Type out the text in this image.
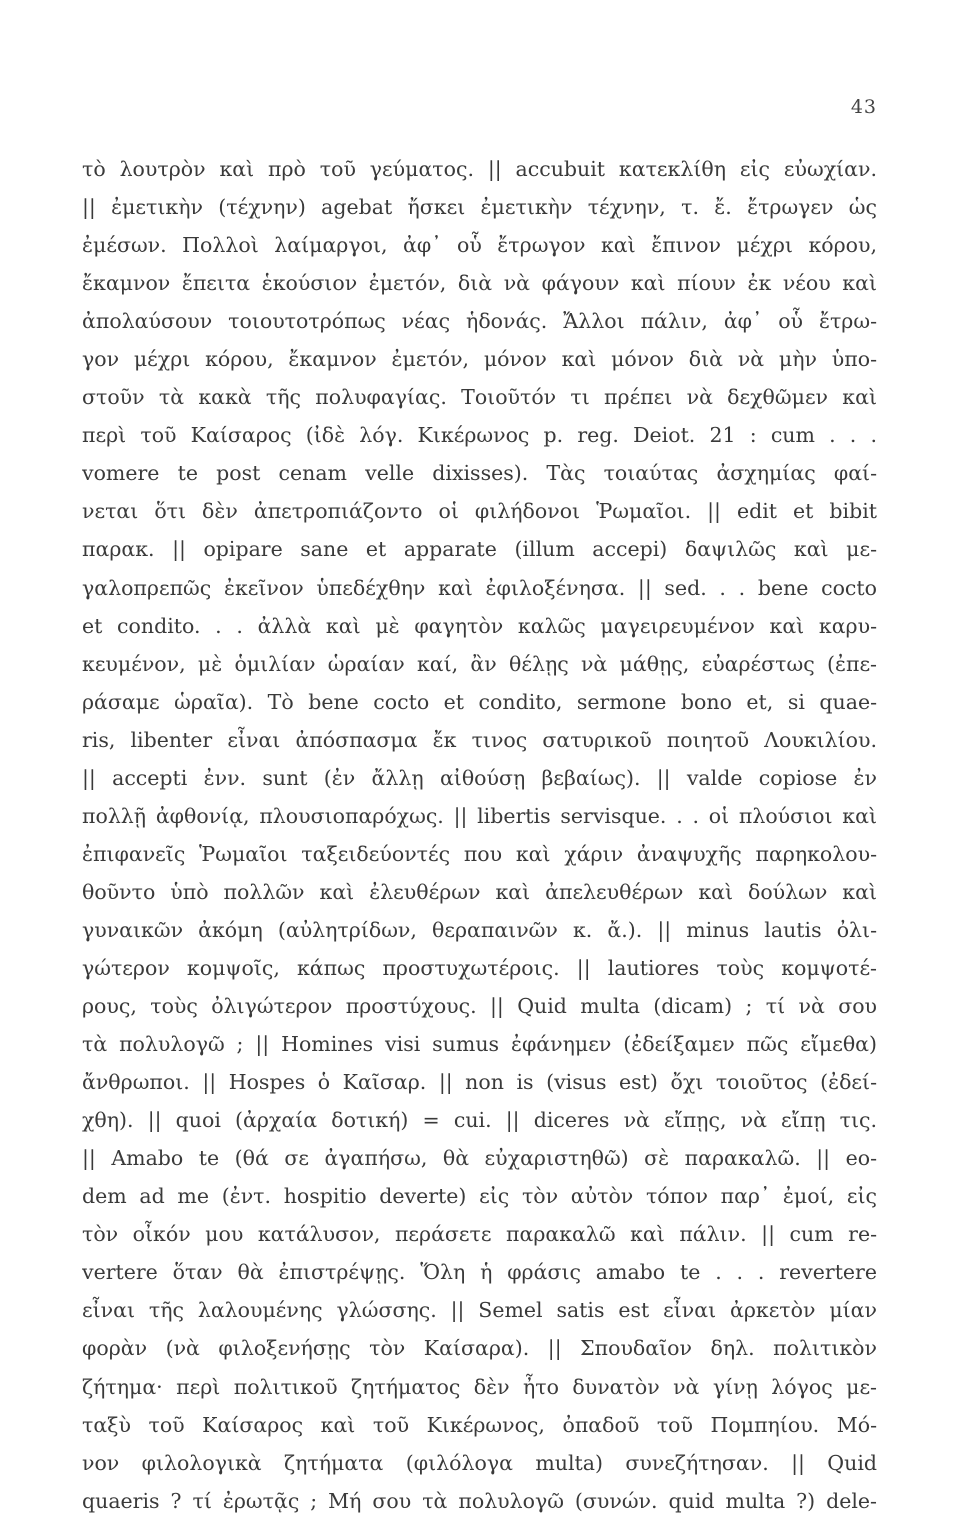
43
τὸ λουτρὸν καὶ πρὸ τοῦ γεύματος. || accubuit κατεκλίθη εἰς εὐωχίαν.
|| ἐμετικὴν (τέχνην) agebat ἤσκει ἐμετικὴν τέχνην, τ. ἔ. ἔτρωγεν ὡς
ἐμέσων. Πολλοὶ λαίμαργοι, ἀφ᾽ οὗ ἔτρωγον καὶ ἔπινον μέχρι κόρου,
ἔκαμνον ἔπειτα ἑκούσιον ἐμετόν, διὰ νὰ φάγουν καὶ πίουν ἐκ νέου καὶ
ἀπολαύσουν τοιουτοτρόπως νέας ἡδονάς. Ἄλλοι πάλιν, ἀφ᾽ οὗ ἔτρω-
γον μέχρι κόρου, ἔκαμνον ἐμετόν, μόνον καὶ μόνον διὰ νὰ μὴν ὑπο-
στοῦν τὰ κακὰ τῆς πολυφαγίας. Τοιοῦτόν τι πρέπει νὰ δεχθῶμεν καὶ
περὶ τοῦ Καίσαρος (ἰδὲ λόγ. Κικέρωνος p. reg. Deiot. 21 : cum . . .
vomere te post cenam velle dixisses). Τὰς τοιαύτας ἀσχημίας φαί-
νεται ὅτι δὲν ἀπετροπιάζοντο οἱ φιλήδονοι Ῥωμαῖοι. || edit et bibit
παρακ. || opipare sane et apparate (illum accepi) δαψιλῶς καὶ με-
γαλοπρεπῶς ἐκεῖνον ὑπεδέχθην καὶ ἐφιλοξένησα. || sed. . . bene cocto
et condito. . . ἀλλὰ καὶ μὲ φαγητὸν καλῶς μαγειρευμένον καὶ καρυ-
κευμένον, μὲ ὁμιλίαν ὡραίαν καί, ἂν θέλῃς νὰ μάθῃς, εὐαρέστως (ἐπε-
ράσαμε ὡραῖα). Τὸ bene cocto et condito, sermone bono et, si quae-
ris, libenter εἶναι ἀπόσπασμα ἔκ τινος σατυρικοῦ ποιητοῦ Λουκιλίου.
|| accepti ἐνν. sunt (ἐν ἄλλῃ αἰθούσῃ βεβαίως). || valde copiose ἐν
πολλῇ ἀφθονίᾳ, πλουσιοπαρόχως. || libertis servisque. . . οἱ πλούσιοι καὶ
ἐπιφανεῖς Ῥωμαῖοι ταξειδεύοντές που καὶ χάριν ἀναψυχῆς παρηκολου-
θοῦντο ὑπὸ πολλῶν καὶ ἐλευθέρων καὶ ἀπελευθέρων καὶ δούλων καὶ
γυναικῶν ἀκόμη (αὐλητρίδων, θεραπαινῶν κ. ἄ.). || minus lautis ὀλι-
γώτερον κομψοῖς, κάπως προστυχωτέροις. || lautiores τοὺς κομψοτέ-
ρους, τοὺς ὀλιγώτερον προστύχους. || Quid multa (dicam) ; τί νὰ σου
τὰ πολυλογῶ ; || Homines visi sumus ἐφάνημεν (ἐδείξαμεν πῶς εἴμεθα)
ἄνθρωποι. || Hospes ὁ Καῖσαρ. || non is (visus est) ὄχι τοιοῦτος (ἐδεί-
χθη). || quoi (ἀρχαία δοτική) = cui. || diceres νὰ εἴπῃς, νὰ εἴπῃ τις.
|| Amabo te (θά σε ἀγαπήσω, θὰ εὐχαριστηθῶ) σὲ παρακαλῶ. || eo-
dem ad me (ἐντ. hospitio deverte) εἰς τὸν αὐτὸν τόπον παρ᾽ ἐμοί, εἰς
τὸν οἶκόν μου κατάλυσον, περάσετε παρακαλῶ καὶ πάλιν. || cum re-
vertere ὅταν θὰ ἐπιστρέψῃς. Ὅλη ἡ φράσις amabo te . . . revertere
εἶναι τῆς λαλουμένης γλώσσης. || Semel satis est εἶναι ἀρκετὸν μίαν
φορὰν (νὰ φιλοξενήσῃς τὸν Καίσαρα). || Σπουδαῖον δηλ. πολιτικὸν
ζήτημα· περὶ πολιτικοῦ ζητήματος δὲν ἦτο δυνατὸν νὰ γίνῃ λόγος με-
ταξὺ τοῦ Καίσαρος καὶ τοῦ Κικέρωνος, ὀπαδοῦ τοῦ Πομπηίου. Μό-
νον φιλολογικὰ ζητήματα (φιλόλογα multa) συνεζήτησαν. || Quid
quaeris ? τί ἐρωτᾷς ; Μή σου τὰ πολυλογῶ (συνών. quid multa ?) dele-
